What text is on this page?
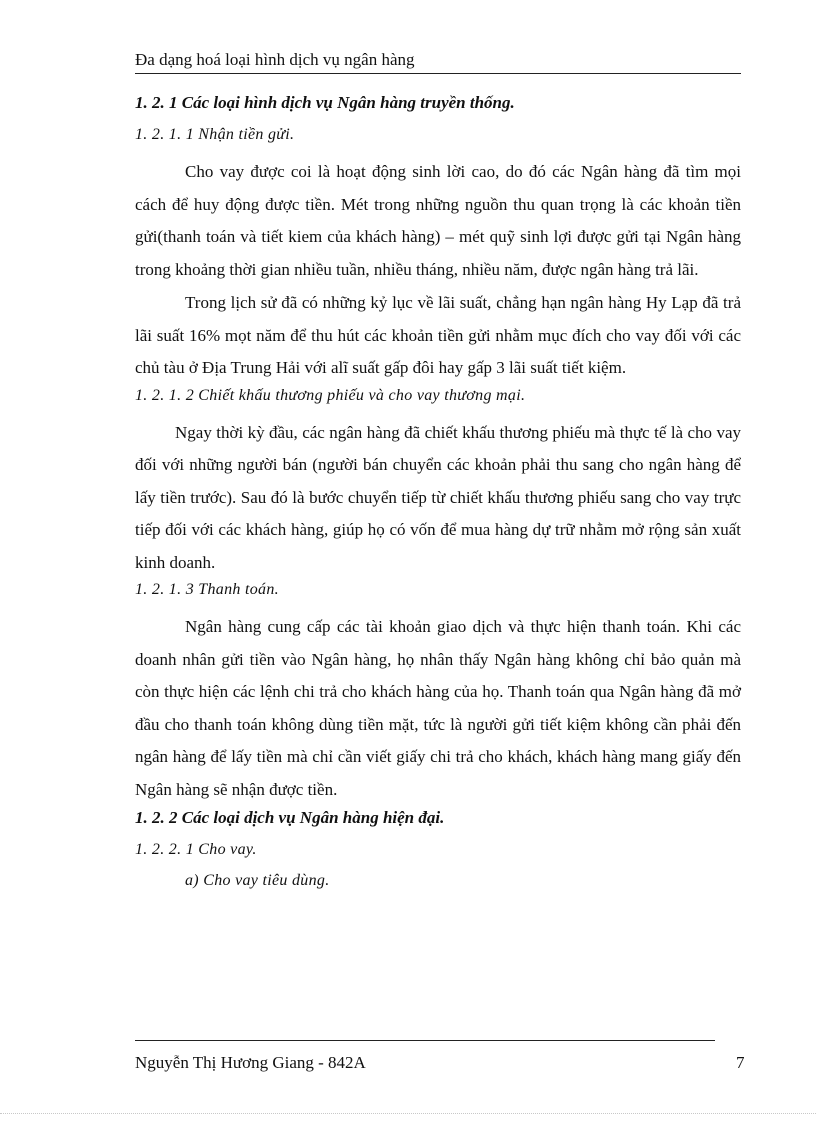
Đa dạng hoá loại hình dịch vụ ngân hàng
1. 2. 1 Các loại hình dịch vụ Ngân hàng truyền thống.
1. 2. 1. 1 Nhận tiền gửi.

Cho vay được coi là hoạt động sinh lời cao, do đó các Ngân hàng đã tìm mọi cách để huy động được tiền. Mét trong những nguồn thu quan trọng là các khoản tiền gửi(thanh toán và tiết kiem của khách hàng) – mét quỹ sinh lợi được gửi tại Ngân hàng trong khoảng thời gian nhiều tuần, nhiều tháng, nhiều năm, được ngân hàng trả lãi.

Trong lịch sử đã có những kỷ lục về lãi suất, chẳng hạn ngân hàng Hy Lạp đã trả lãi suất 16% mọt năm để thu hút các khoản tiền gửi nhằm mục đích cho vay đối với các chủ tàu ở Địa Trung Hải với alĩ suất gấp đôi hay gấp 3 lãi suất tiết kiệm.

1. 2. 1. 2 Chiết khấu thương phiếu và cho vay thương mại.

Ngay thời kỳ đầu, các ngân hàng đã chiết khấu thương phiếu mà thực tế là cho vay đối với những người bán (người bán chuyển các khoản phải thu sang cho ngân hàng để lấy tiền trước). Sau đó là bước chuyển tiếp từ chiết khấu thương phiếu sang cho vay trực tiếp đối với các khách hàng, giúp họ có vốn để mua hàng dự trữ nhằm mở rộng sản xuất kinh doanh.

1. 2. 1. 3 Thanh toán.

Ngân hàng cung cấp các tài khoản giao dịch và thực hiện thanh toán. Khi các doanh nhân gửi tiền vào Ngân hàng, họ nhân thấy Ngân hàng không chỉ bảo quản mà còn thực hiện các lệnh chi trả cho khách hàng của họ. Thanh toán qua Ngân hàng đã mở đầu cho thanh toán không dùng tiền mặt, tức là người gửi tiết kiệm không cần phải đến ngân hàng để lấy tiền mà chỉ cần viết giấy chi trả cho khách, khách hàng mang giấy đến Ngân hàng sẽ nhận được tiền.

1. 2. 2 Các loại dịch vụ Ngân hàng hiện đại.
1. 2. 2. 1 Cho vay.
a) Cho vay tiêu dùng.
Nguyễn Thị Hương Giang - 842A	7
